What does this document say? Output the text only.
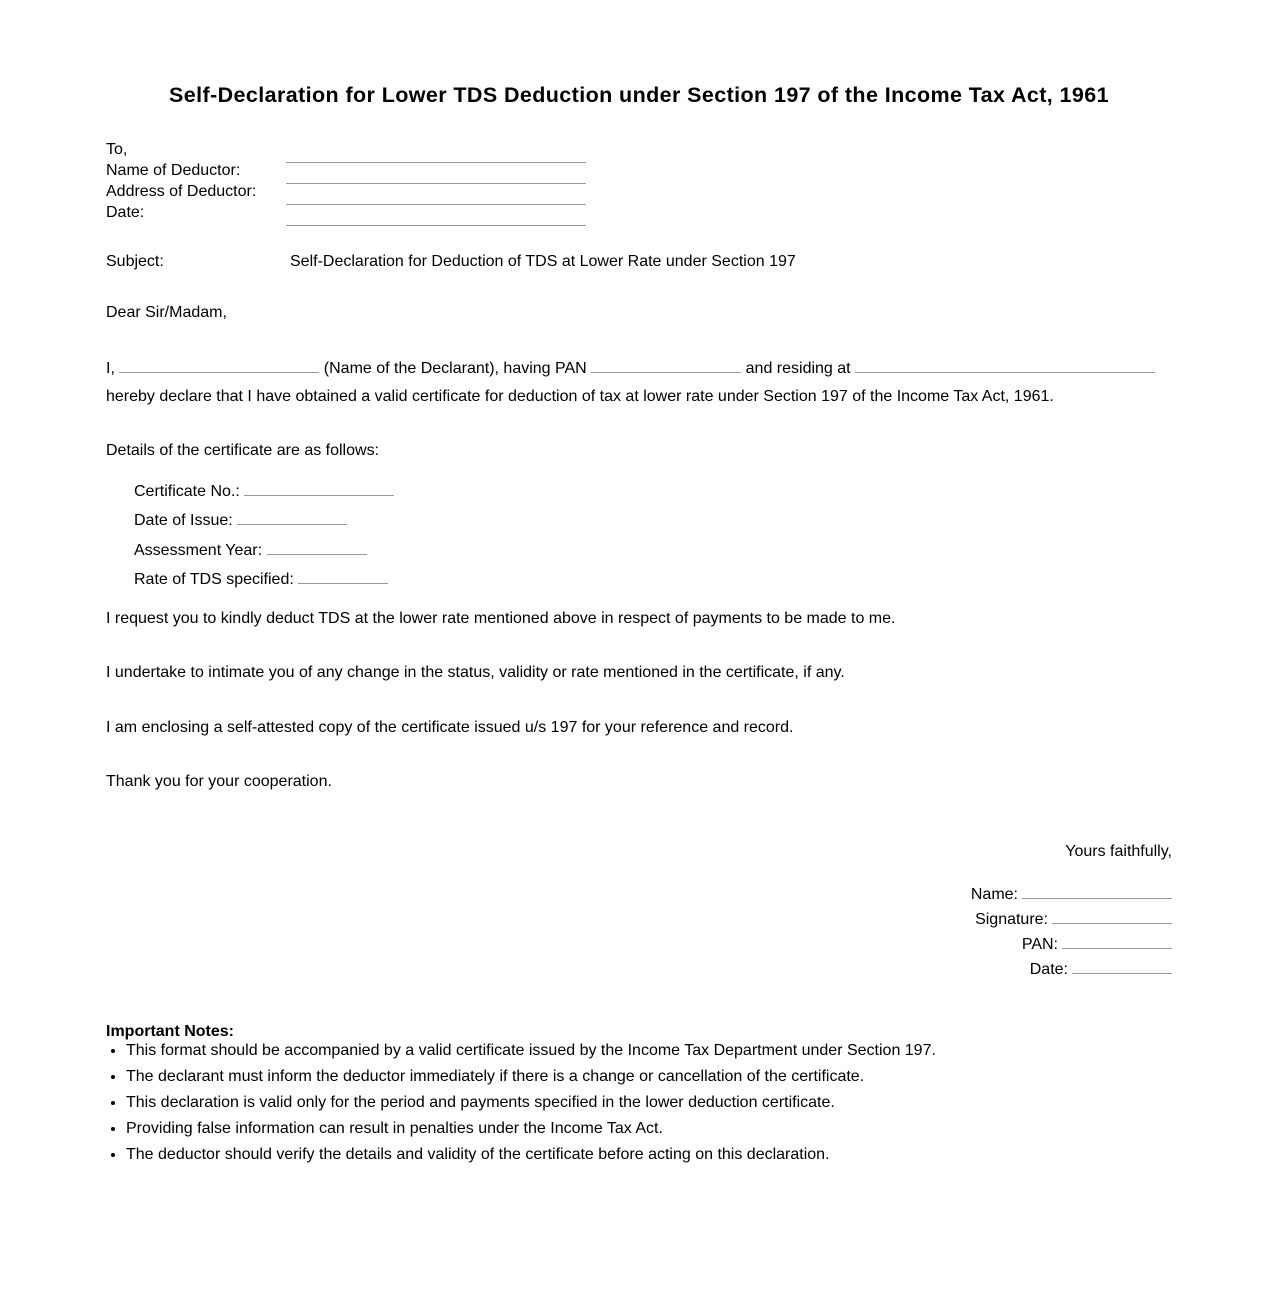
Self-Declaration for Lower TDS Deduction under Section 197 of the Income Tax Act, 1961
To,
Name of Deductor:
Address of Deductor:
Date:
Subject:	Self-Declaration for Deduction of TDS at Lower Rate under Section 197
Dear Sir/Madam,
I,	(Name of the Declarant), having PAN	and residing at
hereby declare that I have obtained a valid certificate for deduction of tax at lower rate under Section 197 of the Income Tax Act, 1961.
Details of the certificate are as follows:
Certificate No.:
Date of Issue:
Assessment Year:
Rate of TDS specified:
I request you to kindly deduct TDS at the lower rate mentioned above in respect of payments to be made to me.
I undertake to intimate you of any change in the status, validity or rate mentioned in the certificate, if any.
I am enclosing a self-attested copy of the certificate issued u/s 197 for your reference and record.
Thank you for your cooperation.
Yours faithfully,
Name:
Signature:
PAN:
Date:
Important Notes:
• This format should be accompanied by a valid certificate issued by the Income Tax Department under Section 197.
• The declarant must inform the deductor immediately if there is a change or cancellation of the certificate.
• This declaration is valid only for the period and payments specified in the lower deduction certificate.
• Providing false information can result in penalties under the Income Tax Act.
• The deductor should verify the details and validity of the certificate before acting on this declaration.
